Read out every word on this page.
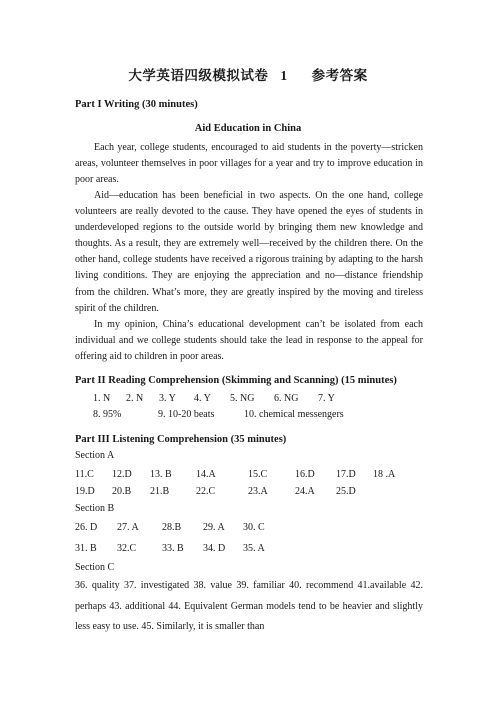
大学英语四级模拟试卷 1 参考答案
Part I Writing (30 minutes)
Aid Education in China

Each year, college students, encouraged to aid students in the poverty—stricken areas, volunteer themselves in poor villages for a year and try to improve education in poor areas.

Aid—education has been beneficial in two aspects. On the one hand, college volunteers are really devoted to the cause. They have opened the eyes of students in underdeveloped regions to the outside world by bringing them new knowledge and thoughts. As a result, they are extremely well—received by the children there. On the other hand, college students have received a rigorous training by adapting to the harsh living conditions. They are enjoying the appreciation and no—distance friendship from the children. What’s more, they are greatly inspired by the moving and tireless spirit of the children.

In my opinion, China’s educational development can’t be isolated from each individual and we college students should take the lead in response to the appeal for offering aid to children in poor areas.

Part II Reading Comprehension (Skimming and Scanning) (15 minutes)
1. N 2. N 3. Y 4. Y 5. NG 6. NG 7. Y
8. 95%	9. 10-20 beats	10. chemical messengers
Part III Listening Comprehension (35 minutes)
Section A
11.C 12.D 13. B 14.A	15.C	16.D 17.D 18 .A
19.D 20.B 21.B	22.C	23.A	24.A 25.D
Section B
26. D 27. A 28.B 29. A 30. C
31. B 32.C	33. B 34. D 35. A
Section C

36. quality 37. investigated 38. value 39. familiar 40. recommend 41.available 42. perhaps 43. additional 44. Equivalent German models tend to be heavier and slightly less easy to use. 45. Similarly, it is smaller than
